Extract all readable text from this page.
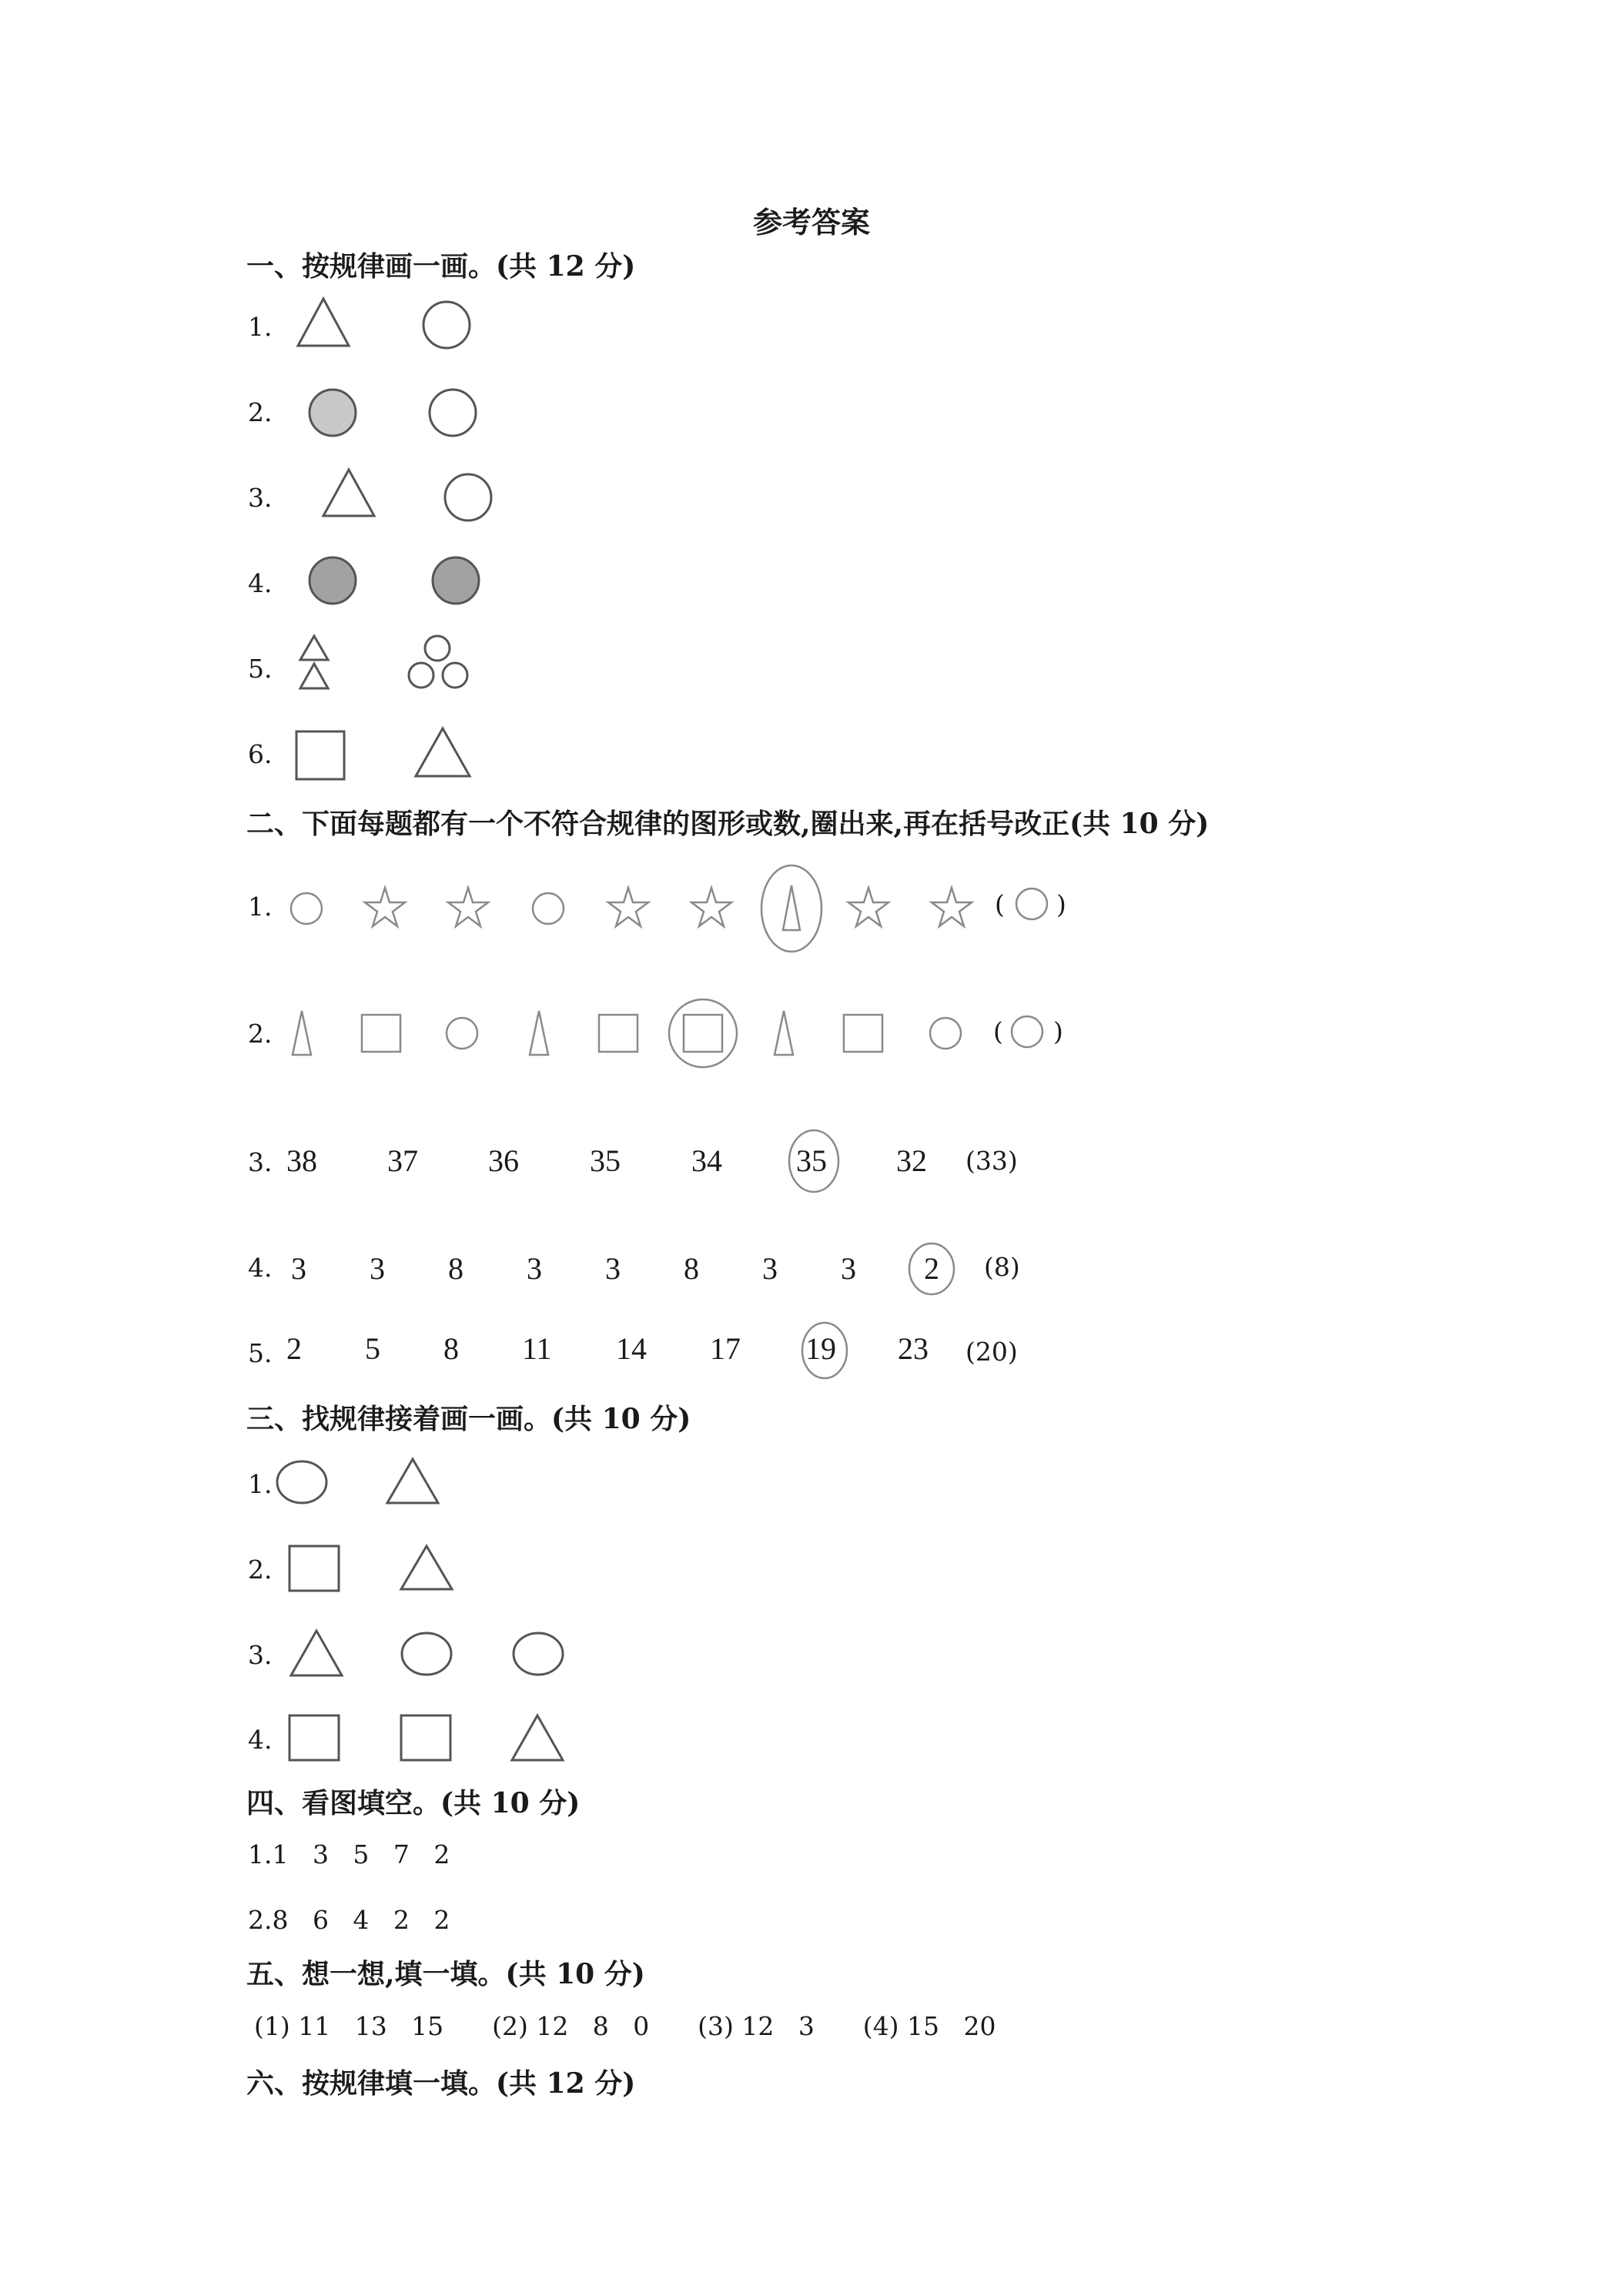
参考答案
一、按规律画一画。(共 12 分)
1.
2.
3.
4.
5.
6.
二、下面每题都有一个不符合规律的图形或数,圈出来,再在括号改正(共 10 分)
1.	( )
2.	( )
3. 38 37 36 35 34 35 32 (33)
4. 3 3 8 3 3 8 3 3 2 (8)
5. 2 5 8 11 14 17 19 23 (20)
三、找规律接着画一画。(共 10 分)
1.
2.
3.
4.
四、看图填空。(共 10 分)
1.1   3   5   7   2
2.8   6   4   2   2
五、想一想,填一填。(共 10 分)
(1) 11   13   15      (2) 12   8   0      (3) 12   3      (4) 15   20
六、按规律填一填。(共 12 分)
